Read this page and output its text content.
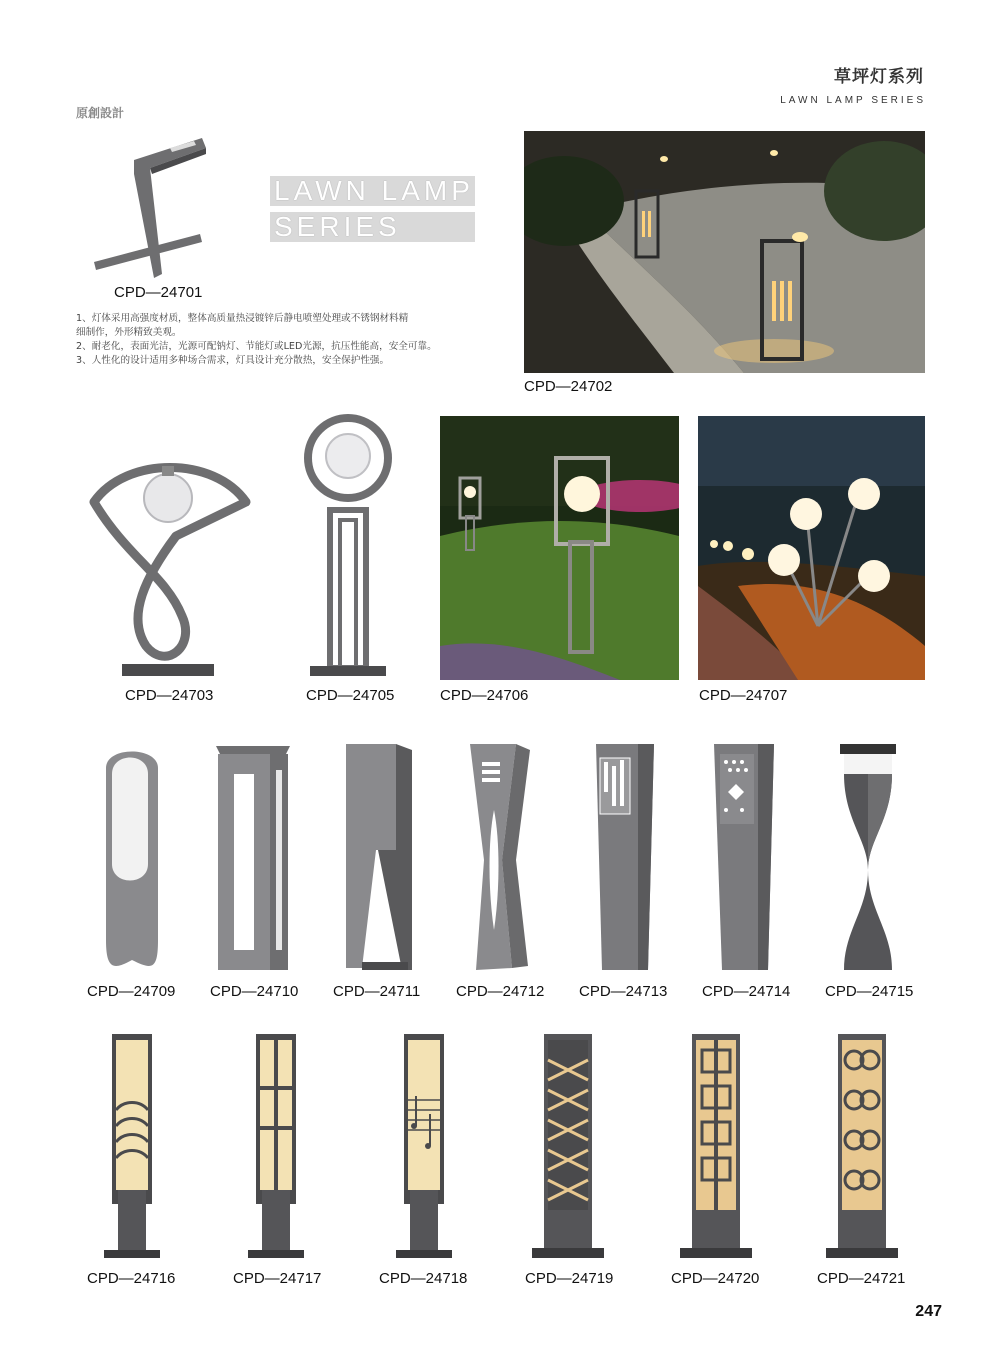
草坪灯系列
LAWN LAMP SERIES
原創設計
LAWN LAMP
SERIES
CPD—24701
1、灯体采用高强度材质，整体高质量热浸镀锌后静电喷塑处理或不锈钢材料精
细制作，外形精致美观。
2、耐老化，表面光洁，光源可配钠灯、节能灯或LED光源，抗压性能高，安全可靠。
3、人性化的设计适用多种场合需求，灯具设计充分散热，安全保护性强。
CPD—24702
CPD—24703	CPD—24705	CPD—24706	CPD—24707
CPD—24709 CPD—24710 CPD—24711 CPD—24712 CPD—24713 CPD—24714 CPD—24715
CPD—24716	CPD—24717	CPD—24718	CPD—24719	CPD—24720	CPD—24721
247
